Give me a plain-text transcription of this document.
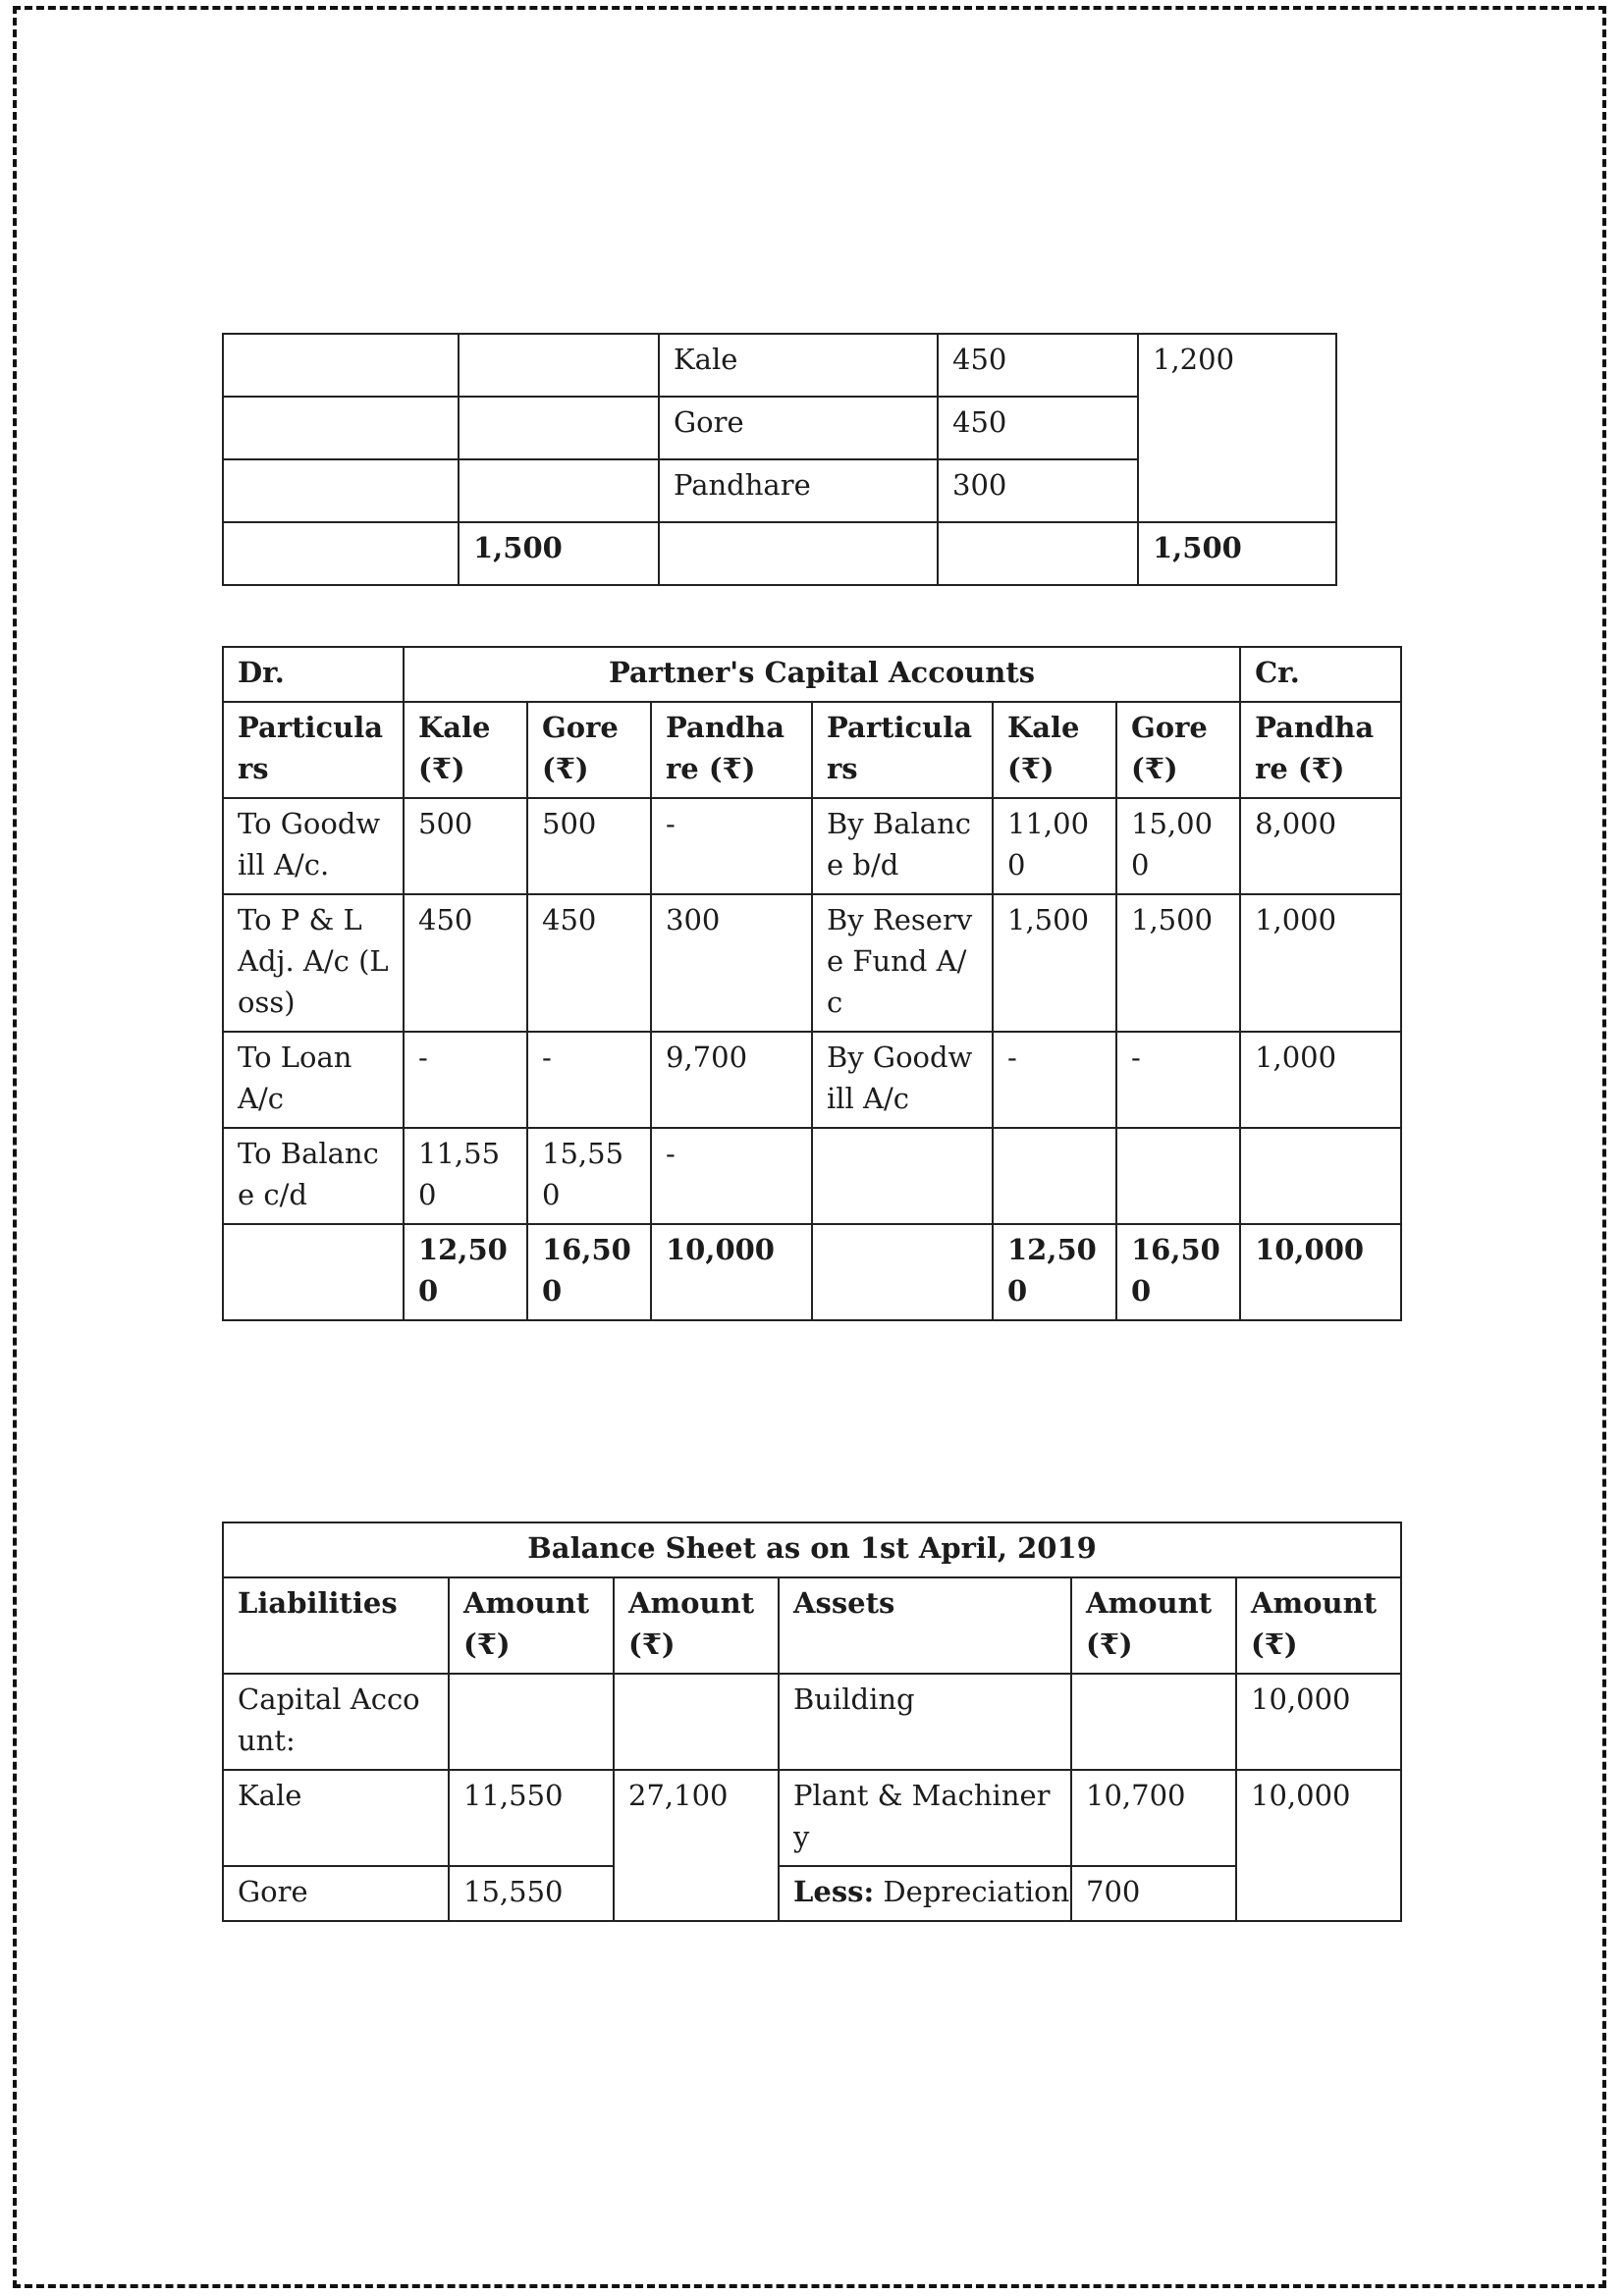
		Kale	450	1,200
		Gore	450	
		Pandhare	300	
	1,500			1,500
Dr.	Partner's Capital Accounts						Cr.
Particulars	Kale (₹)	Gore (₹)	Pandhare (₹)	Particulars	Kale (₹)	Gore (₹)	Pandhare (₹)
To Goodwill A/c.	500	500	-	By Balance b/d	11,000	15,000	8,000
To P & L Adj. A/c (Loss)	450	450	300	By Reserve Fund A/c	1,500	1,500	1,000
To Loan A/c	-	-	9,700	By Goodwill A/c	-	-	1,000
To Balance c/d	11,550	15,550	-				
	12,500	16,500	10,000		12,500	16,500	10,000
Balance Sheet as on 1st April, 2019					
Liabilities	Amount (₹)	Amount (₹)	Assets	Amount (₹)	Amount (₹)
Capital Account:			Building		10,000
Kale	11,550	27,100	Plant & Machinery	10,700	10,000
Gore	15,550		Less: Depreciation	700	
